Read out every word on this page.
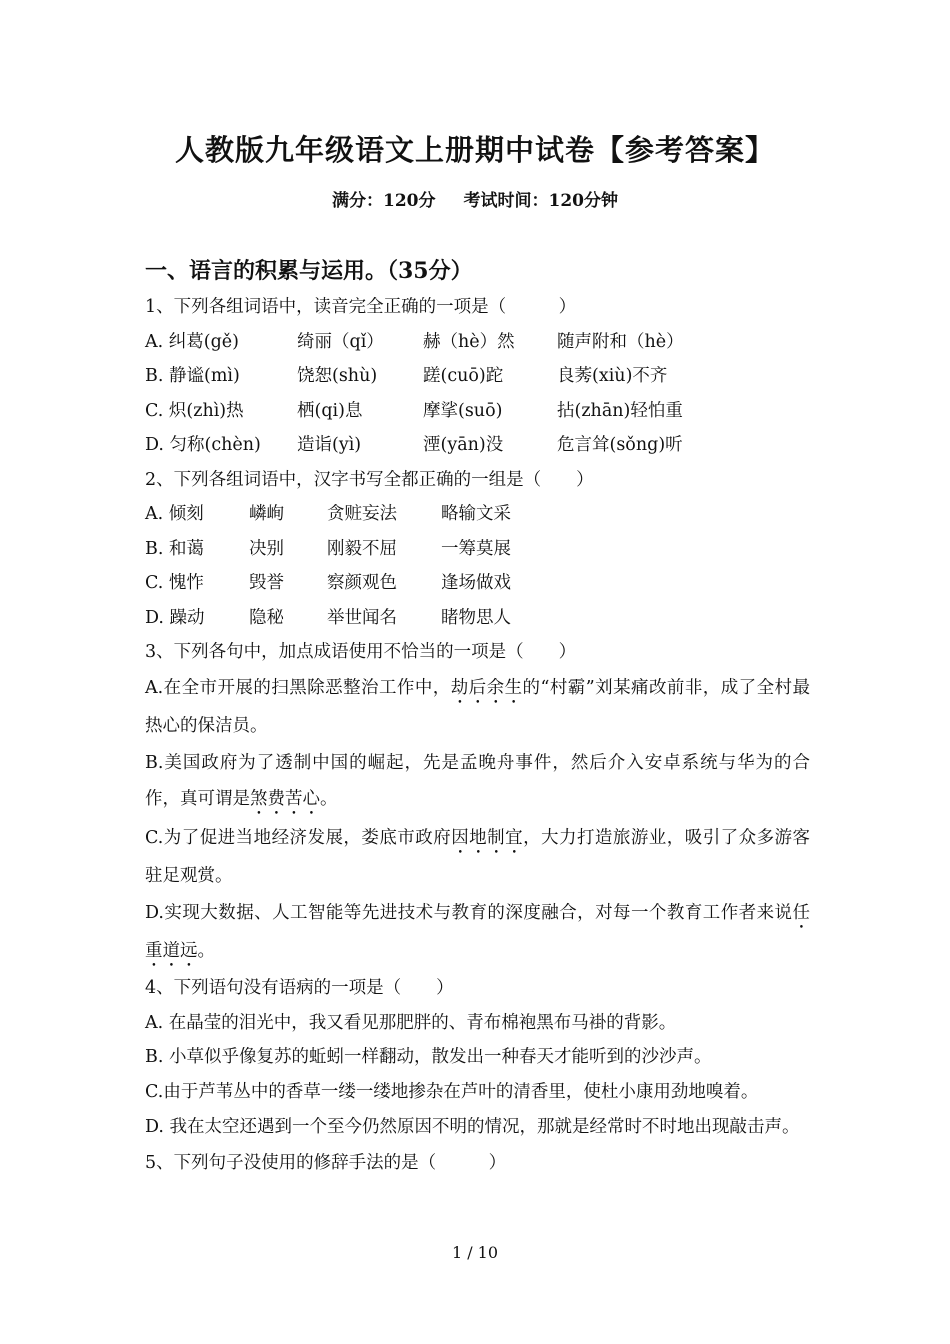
人教版九年级语文上册期中试卷【参考答案】
满分：120分 考试时间：120分钟
一、语言的积累与运用。（35分）
1、下列各组词语中，读音完全正确的一项是（　　　）
A. 纠葛(gě)	绮丽（qǐ）	赫（hè）然	随声附和（hè）
B. 静谧(mì)	饶恕(shù)	蹉(cuō)跎	良莠(xiù)不齐
C. 炽(zhì)热	栖(qi)息	摩挲(suō)	拈(zhān)轻怕重
D. 匀称(chèn)	造诣(yì)	湮(yān)没	危言耸(sǒng)听
2、下列各组词语中，汉字书写全都正确的一组是（　　）
A. 倾刻	嶙峋	贪赃妄法	略输文采
B. 和蔼	决别	刚毅不屈	一筹莫展
C. 愧怍	毁誉	察颜观色	逢场做戏
D. 躁动	隐秘	举世闻名	睹物思人
3、下列各句中，加点成语使用不恰当的一项是（　　）
A.在全市开展的扫黑除恶整治工作中，劫后余生的“村霸”刘某痛改前非，成了全村最热心的保洁员。
B.美国政府为了透制中国的崛起，先是孟晚舟事件，然后介入安卓系统与华为的合作，真可谓是煞费苦心。
C.为了促进当地经济发展，娄底市政府因地制宜，大力打造旅游业，吸引了众多游客驻足观赏。
D.实现大数据、人工智能等先进技术与教育的深度融合，对每一个教育工作者来说任重道远。
4、下列语句没有语病的一项是（　　）
A. 在晶莹的泪光中，我又看见那肥胖的、青布棉袍黑布马褂的背影。
B. 小草似乎像复苏的蚯蚓一样翻动，散发出一种春天才能听到的沙沙声。
C.由于芦苇丛中的香草一缕一缕地掺杂在芦叶的清香里，使杜小康用劲地嗅着。
D. 我在太空还遇到一个至今仍然原因不明的情况，那就是经常时不时地出现敲击声。
5、下列句子没使用的修辞手法的是（　　　）
1 / 10
